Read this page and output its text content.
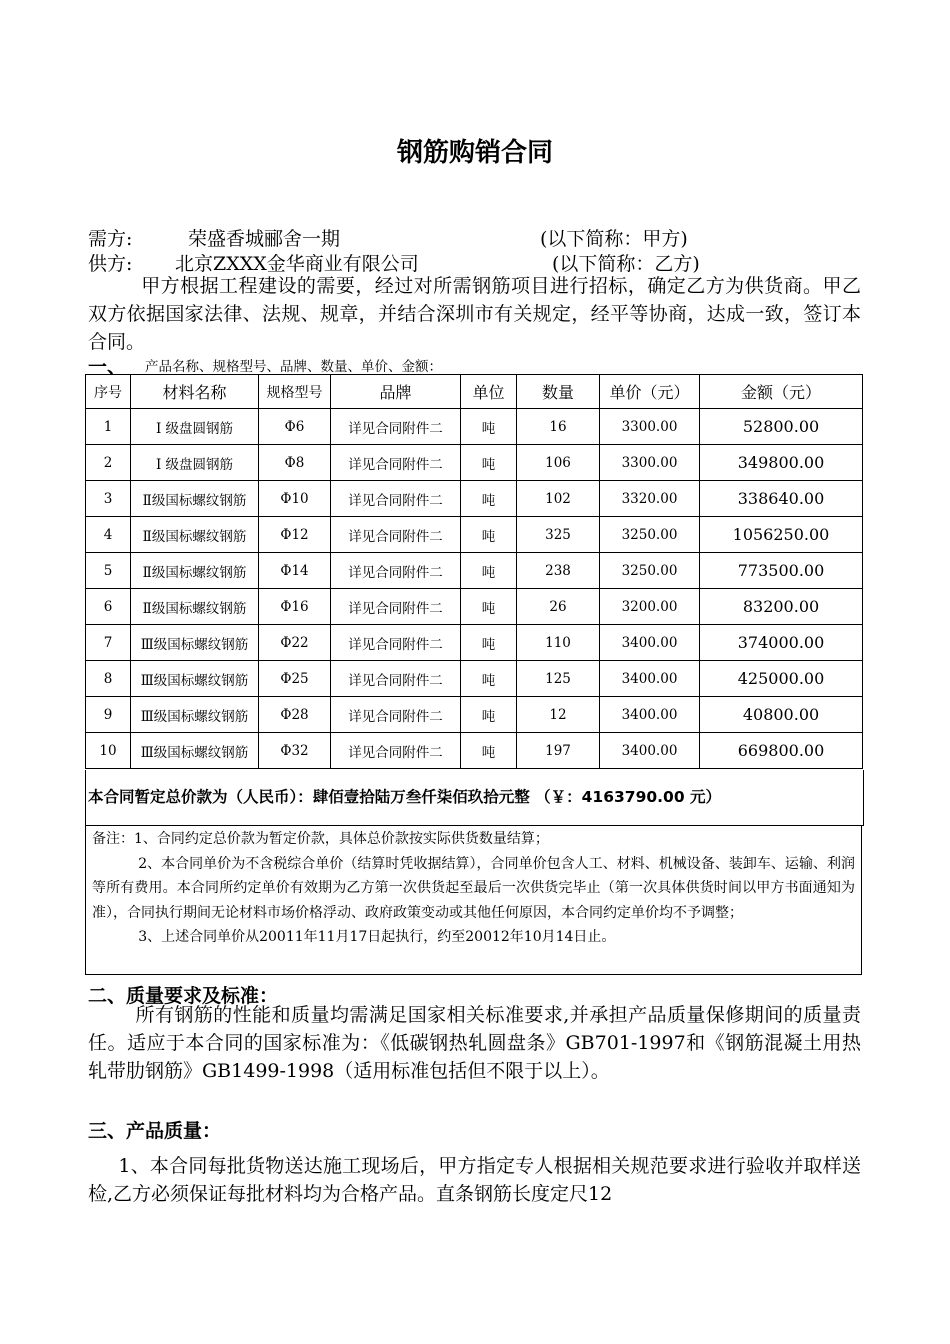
钢筋购销合同
需方:	荣盛香城郦舍一期	(以下简称：甲方)
供方: 北京ZXXX金华商业有限公司	(以下简称：乙方)
甲方根据工程建设的需要，经过对所需钢筋项目进行招标，确定乙方为供货商。甲乙双方依据国家法律、法规、规章，并结合深圳市有关规定，经平等协商，达成一致，签订本合同。
一、 产品名称、规格型号、品牌、数量、单价、金额：
序号	材料名称	规格型号	品牌	单位	数量	单价（元）	金额（元）
1	Ⅰ 级盘圆钢筋	Φ6	详见合同附件二	吨	16	3300.00	52800.00
2	Ⅰ 级盘圆钢筋	Φ8	详见合同附件二	吨	106	3300.00	349800.00
3	Ⅱ级国标螺纹钢筋	Φ10	详见合同附件二	吨	102	3320.00	338640.00
4	Ⅱ级国标螺纹钢筋	Φ12	详见合同附件二	吨	325	3250.00	1056250.00
5	Ⅱ级国标螺纹钢筋	Φ14	详见合同附件二	吨	238	3250.00	773500.00
6	Ⅱ级国标螺纹钢筋	Φ16	详见合同附件二	吨	26	3200.00	83200.00
7	Ⅲ级国标螺纹钢筋	Φ22	详见合同附件二	吨	110	3400.00	374000.00
8	Ⅲ级国标螺纹钢筋	Φ25	详见合同附件二	吨	125	3400.00	425000.00
9	Ⅲ级国标螺纹钢筋	Φ28	详见合同附件二	吨	12	3400.00	40800.00
10	Ⅲ级国标螺纹钢筋	Φ32	详见合同附件二	吨	197	3400.00	669800.00
本合同暂定总价款为（人民币）：肆佰壹拾陆万叁仟柒佰玖拾元整 （￥：4163790.00 元）

备注：1、合同约定总价款为暂定价款，具体总价款按实际供货数量结算；

2、本合同单价为不含税综合单价（结算时凭收据结算），合同单价包含人工、材料、机械设备、装卸车、运输、利润等所有费用。本合同所约定单价有效期为乙方第一次供货起至最后一次供货完毕止（第一次具体供货时间以甲方书面通知为准），合同执行期间无论材料市场价格浮动、政府政策变动或其他任何原因，本合同约定单价均不予调整；

3、上述合同单价从20011年11月17日起执行，约至20012年10月14日止。

二、质量要求及标准：
所有钢筋的性能和质量均需满足国家相关标准要求,并承担产品质量保修期间的质量责任。适应于本合同的国家标准为：《低碳钢热轧圆盘条》GB701-1997和《钢筋混凝土用热轧带肋钢筋》GB1499-1998（适用标准包括但不限于以上）。
三、产品质量：
1、本合同每批货物送达施工现场后，甲方指定专人根据相关规范要求进行验收并取样送检,乙方必须保证每批材料均为合格产品。直条钢筋长度定尺12
